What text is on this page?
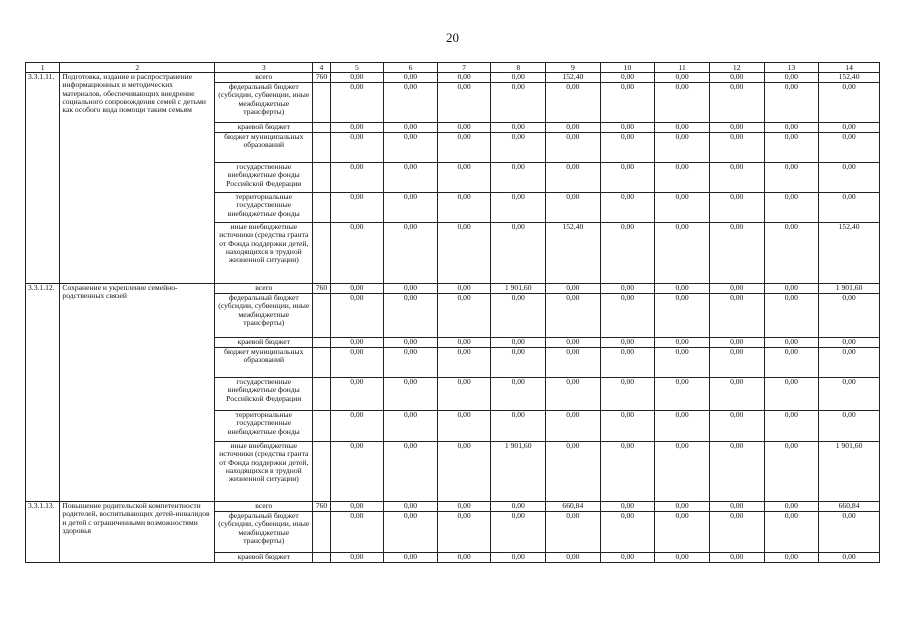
20
1	2	3	4	5	6	7	8	9	10	11	12	13	14
3.3.1.11.	Подготовка, издание и распространение информационных и методических материалов, обеспечивающих внедрение социального сопровождения семей с детьми как особого вида помощи таким семьям	всего	760	0,00	0,00	0,00	0,00	152,40	0,00	0,00	0,00	0,00	152,40
		федеральный бюджет (субсидии, субвенции, иные межбюджетные трансферты)		0,00	0,00	0,00	0,00	0,00	0,00	0,00	0,00	0,00	0,00
		краевой бюджет		0,00	0,00	0,00	0,00	0,00	0,00	0,00	0,00	0,00	0,00
		бюджет муниципальных образований		0,00	0,00	0,00	0,00	0,00	0,00	0,00	0,00	0,00	0,00
		государственные внебюджетные фонды Российской Федерации		0,00	0,00	0,00	0,00	0,00	0,00	0,00	0,00	0,00	0,00
		территориальные государственные внебюджетные фонды		0,00	0,00	0,00	0,00	0,00	0,00	0,00	0,00	0,00	0,00
		иные внебюджетные источники (средства гранта от Фонда поддержки детей, находящихся в трудной жизненной ситуации)		0,00	0,00	0,00	0,00	152,40	0,00	0,00	0,00	0,00	152,40
3.3.1.12.	Сохранение и укрепление семейно-родственных связей	всего	760	0,00	0,00	0,00	1 901,60	0,00	0,00	0,00	0,00	0,00	1 901,60
		федеральный бюджет (субсидии, субвенции, иные межбюджетные трансферты)		0,00	0,00	0,00	0,00	0,00	0,00	0,00	0,00	0,00	0,00
		краевой бюджет		0,00	0,00	0,00	0,00	0,00	0,00	0,00	0,00	0,00	0,00
		бюджет муниципальных образований		0,00	0,00	0,00	0,00	0,00	0,00	0,00	0,00	0,00	0,00
		государственные внебюджетные фонды Российской Федерации		0,00	0,00	0,00	0,00	0,00	0,00	0,00	0,00	0,00	0,00
		территориальные государственные внебюджетные фонды		0,00	0,00	0,00	0,00	0,00	0,00	0,00	0,00	0,00	0,00
		иные внебюджетные источники (средства гранта от Фонда поддержки детей, находящихся в трудной жизненной ситуации)		0,00	0,00	0,00	1 901,60	0,00	0,00	0,00	0,00	0,00	1 901,60
3.3.1.13.	Повышение родительской компетентности родителей, воспитывающих детей-инвалидов и детей с ограниченными возможностями здоровья	всего	760	0,00	0,00	0,00	0,00	660,84	0,00	0,00	0,00	0,00	660,84
		федеральный бюджет (субсидии, субвенции, иные межбюджетные трансферты)		0,00	0,00	0,00	0,00	0,00	0,00	0,00	0,00	0,00	0,00
		краевой бюджет		0,00	0,00	0,00	0,00	0,00	0,00	0,00	0,00	0,00	0,00
